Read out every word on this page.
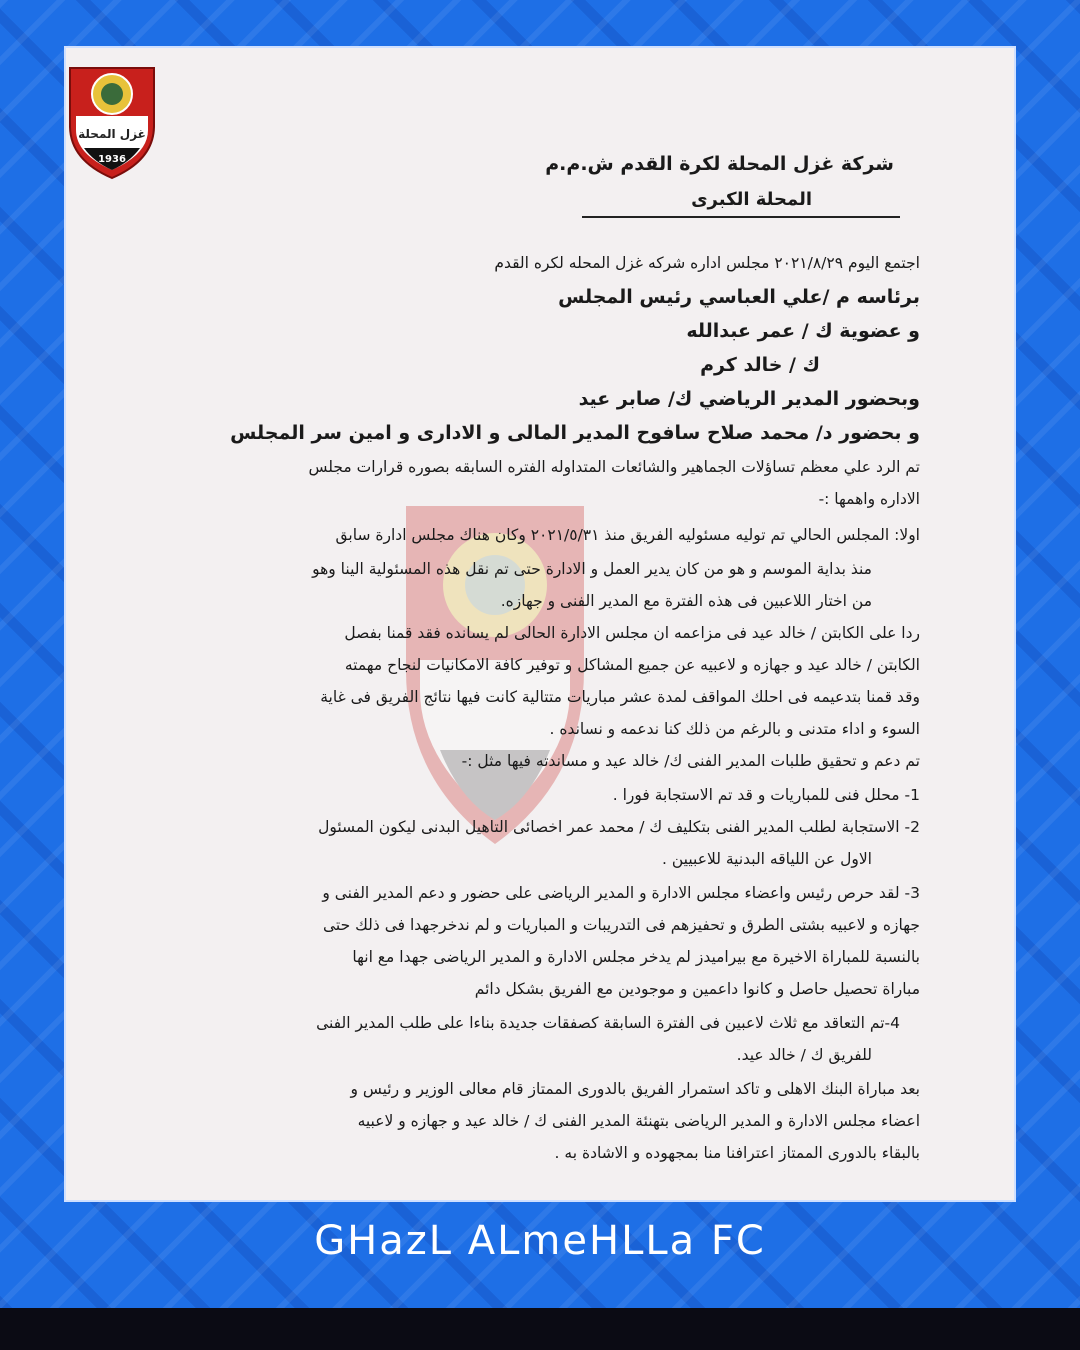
غزل المحلة
1936	شركة غزل المحلة لكرة القدم ش.م.م
المحلة الكبرى
اجتمع اليوم ٢٠٢١/٨/٢٩ مجلس اداره شركه غزل المحله لكره القدم
برئاسه م /علي العباسي رئيس المجلس
و عضوية ك / عمر عبدالله
ك / خالد كرم
وبحضور المدير الرياضي ك/ صابر عيد
و بحضور د/ محمد صلاح سافوح المدير المالى و الادارى و امين سر المجلس
تم الرد علي معظم تساؤلات الجماهير والشائعات المتداوله الفتره السابقه بصوره قرارات مجلس
الاداره واهمها :-
اولا: المجلس الحالي تم توليه مسئوليه الفريق منذ ٢٠٢١/٥/٣١ وكان هناك مجلس ادارة سابق
منذ بداية الموسم و هو من كان يدير العمل و الادارة حتى تم نقل هذه المسئولية الينا وهو
من اختار اللاعبين فى هذه الفترة مع المدير الفنى و جهازه.
ردا على الكابتن / خالد عيد فى مزاعمه ان مجلس الادارة الحالى لم يسانده فقد قمنا بفصل
الكابتن / خالد عيد و جهازه و لاعبيه عن جميع المشاكل و توفير كافة الامكانيات لنجاح مهمته
وقد قمنا بتدعيمه فى احلك المواقف لمدة عشر مباريات متتالية كانت فيها نتائج الفريق فى غاية
السوء و اداء متدنى و بالرغم من ذلك كنا ندعمه و نسانده .
تم دعم و تحقيق طلبات المدير الفنى ك/ خالد عيد و مساندته فيها مثل :-
1- محلل فنى للمباريات و قد تم الاستجابة فورا .
2- الاستجابة لطلب المدير الفنى بتكليف ك / محمد عمر اخصائى التاهيل البدنى ليكون المسئول
الاول عن اللياقه البدنية للاعبيين .
3- لقد حرص رئيس واعضاء مجلس الادارة و المدير الرياضى على حضور و دعم المدير الفنى و
جهازه و لاعبيه بشتى الطرق و تحفيزهم فى التدريبات و المباريات و لم ندخرجهدا فى ذلك حتى
بالنسبة للمباراة الاخيرة مع بيراميدز لم يدخر مجلس الادارة و المدير الرياضى جهدا مع انها
مباراة تحصيل حاصل و كانوا داعمين و موجودين مع الفريق بشكل دائم
4-تم التعاقد مع ثلاث لاعبين فى الفترة السابقة كصفقات جديدة بناءا على طلب المدير الفنى
للفريق ك / خالد عيد.
بعد مباراة البنك الاهلى و تاكد استمرار الفريق بالدورى الممتاز قام معالى الوزير و رئيس و
اعضاء مجلس الادارة و المدير الرياضى بتهنئة المدير الفنى ك / خالد عيد و جهازه و لاعبيه
بالبقاء بالدورى الممتاز اعترافنا منا بمجهوده و الاشادة به .
GHazL ALmeHLLa FC
